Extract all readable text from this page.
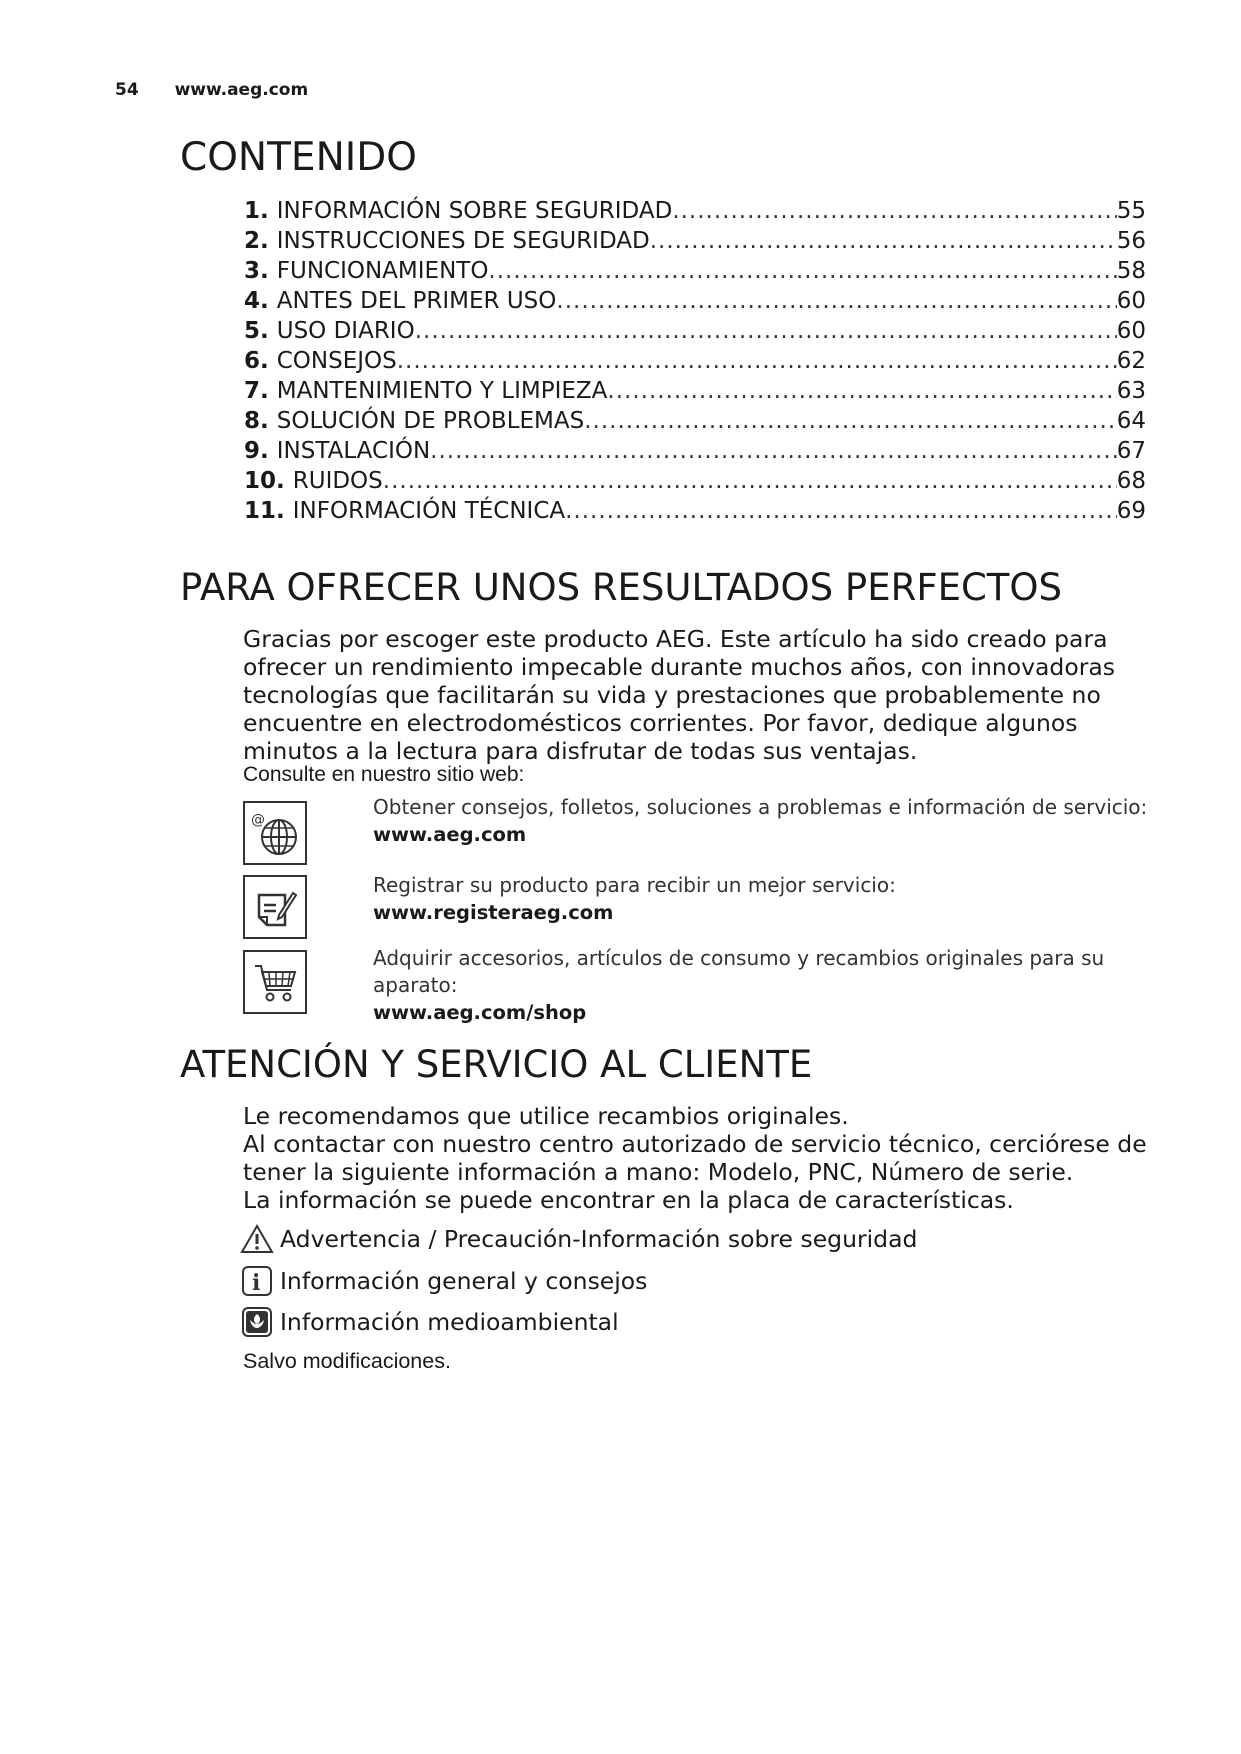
54 www.aeg.com
CONTENIDO
1. INFORMACIÓN SOBRE SEGURIDAD .....	55
2. INSTRUCCIONES DE SEGURIDAD .....	56
3. FUNCIONAMIENTO .....	58
4. ANTES DEL PRIMER USO .....	60
5. USO DIARIO .....	60
6. CONSEJOS .....	62
7. MANTENIMIENTO Y LIMPIEZA .....	63
8. SOLUCIÓN DE PROBLEMAS .....	64
9. INSTALACIÓN .....	67
10. RUIDOS .....	68
11. INFORMACIÓN TÉCNICA .....	69
PARA OFRECER UNOS RESULTADOS PERFECTOS
Gracias por escoger este producto AEG. Este artículo ha sido creado para ofrecer un rendimiento impecable durante muchos años, con innovadoras tecnologías que facilitarán su vida y prestaciones que probablemente no encuentre en electrodomésticos corrientes. Por favor, dedique algunos minutos a la lectura para disfrutar de todas sus ventajas.
Consulte en nuestro sitio web:
@
Obtener consejos, folletos, soluciones a problemas e información de servicio:
www.aeg.com
Registrar su producto para recibir un mejor servicio:
www.registeraeg.com
Adquirir accesorios, artículos de consumo y recambios originales para su aparato:
www.aeg.com/shop
ATENCIÓN Y SERVICIO AL CLIENTE
Le recomendamos que utilice recambios originales.
Al contactar con nuestro centro autorizado de servicio técnico, cerciórese de tener la siguiente información a mano: Modelo, PNC, Número de serie.
La información se puede encontrar en la placa de características.
Advertencia / Precaución-Información sobre seguridad
i Información general y consejos
Información medioambiental
Salvo modificaciones.
